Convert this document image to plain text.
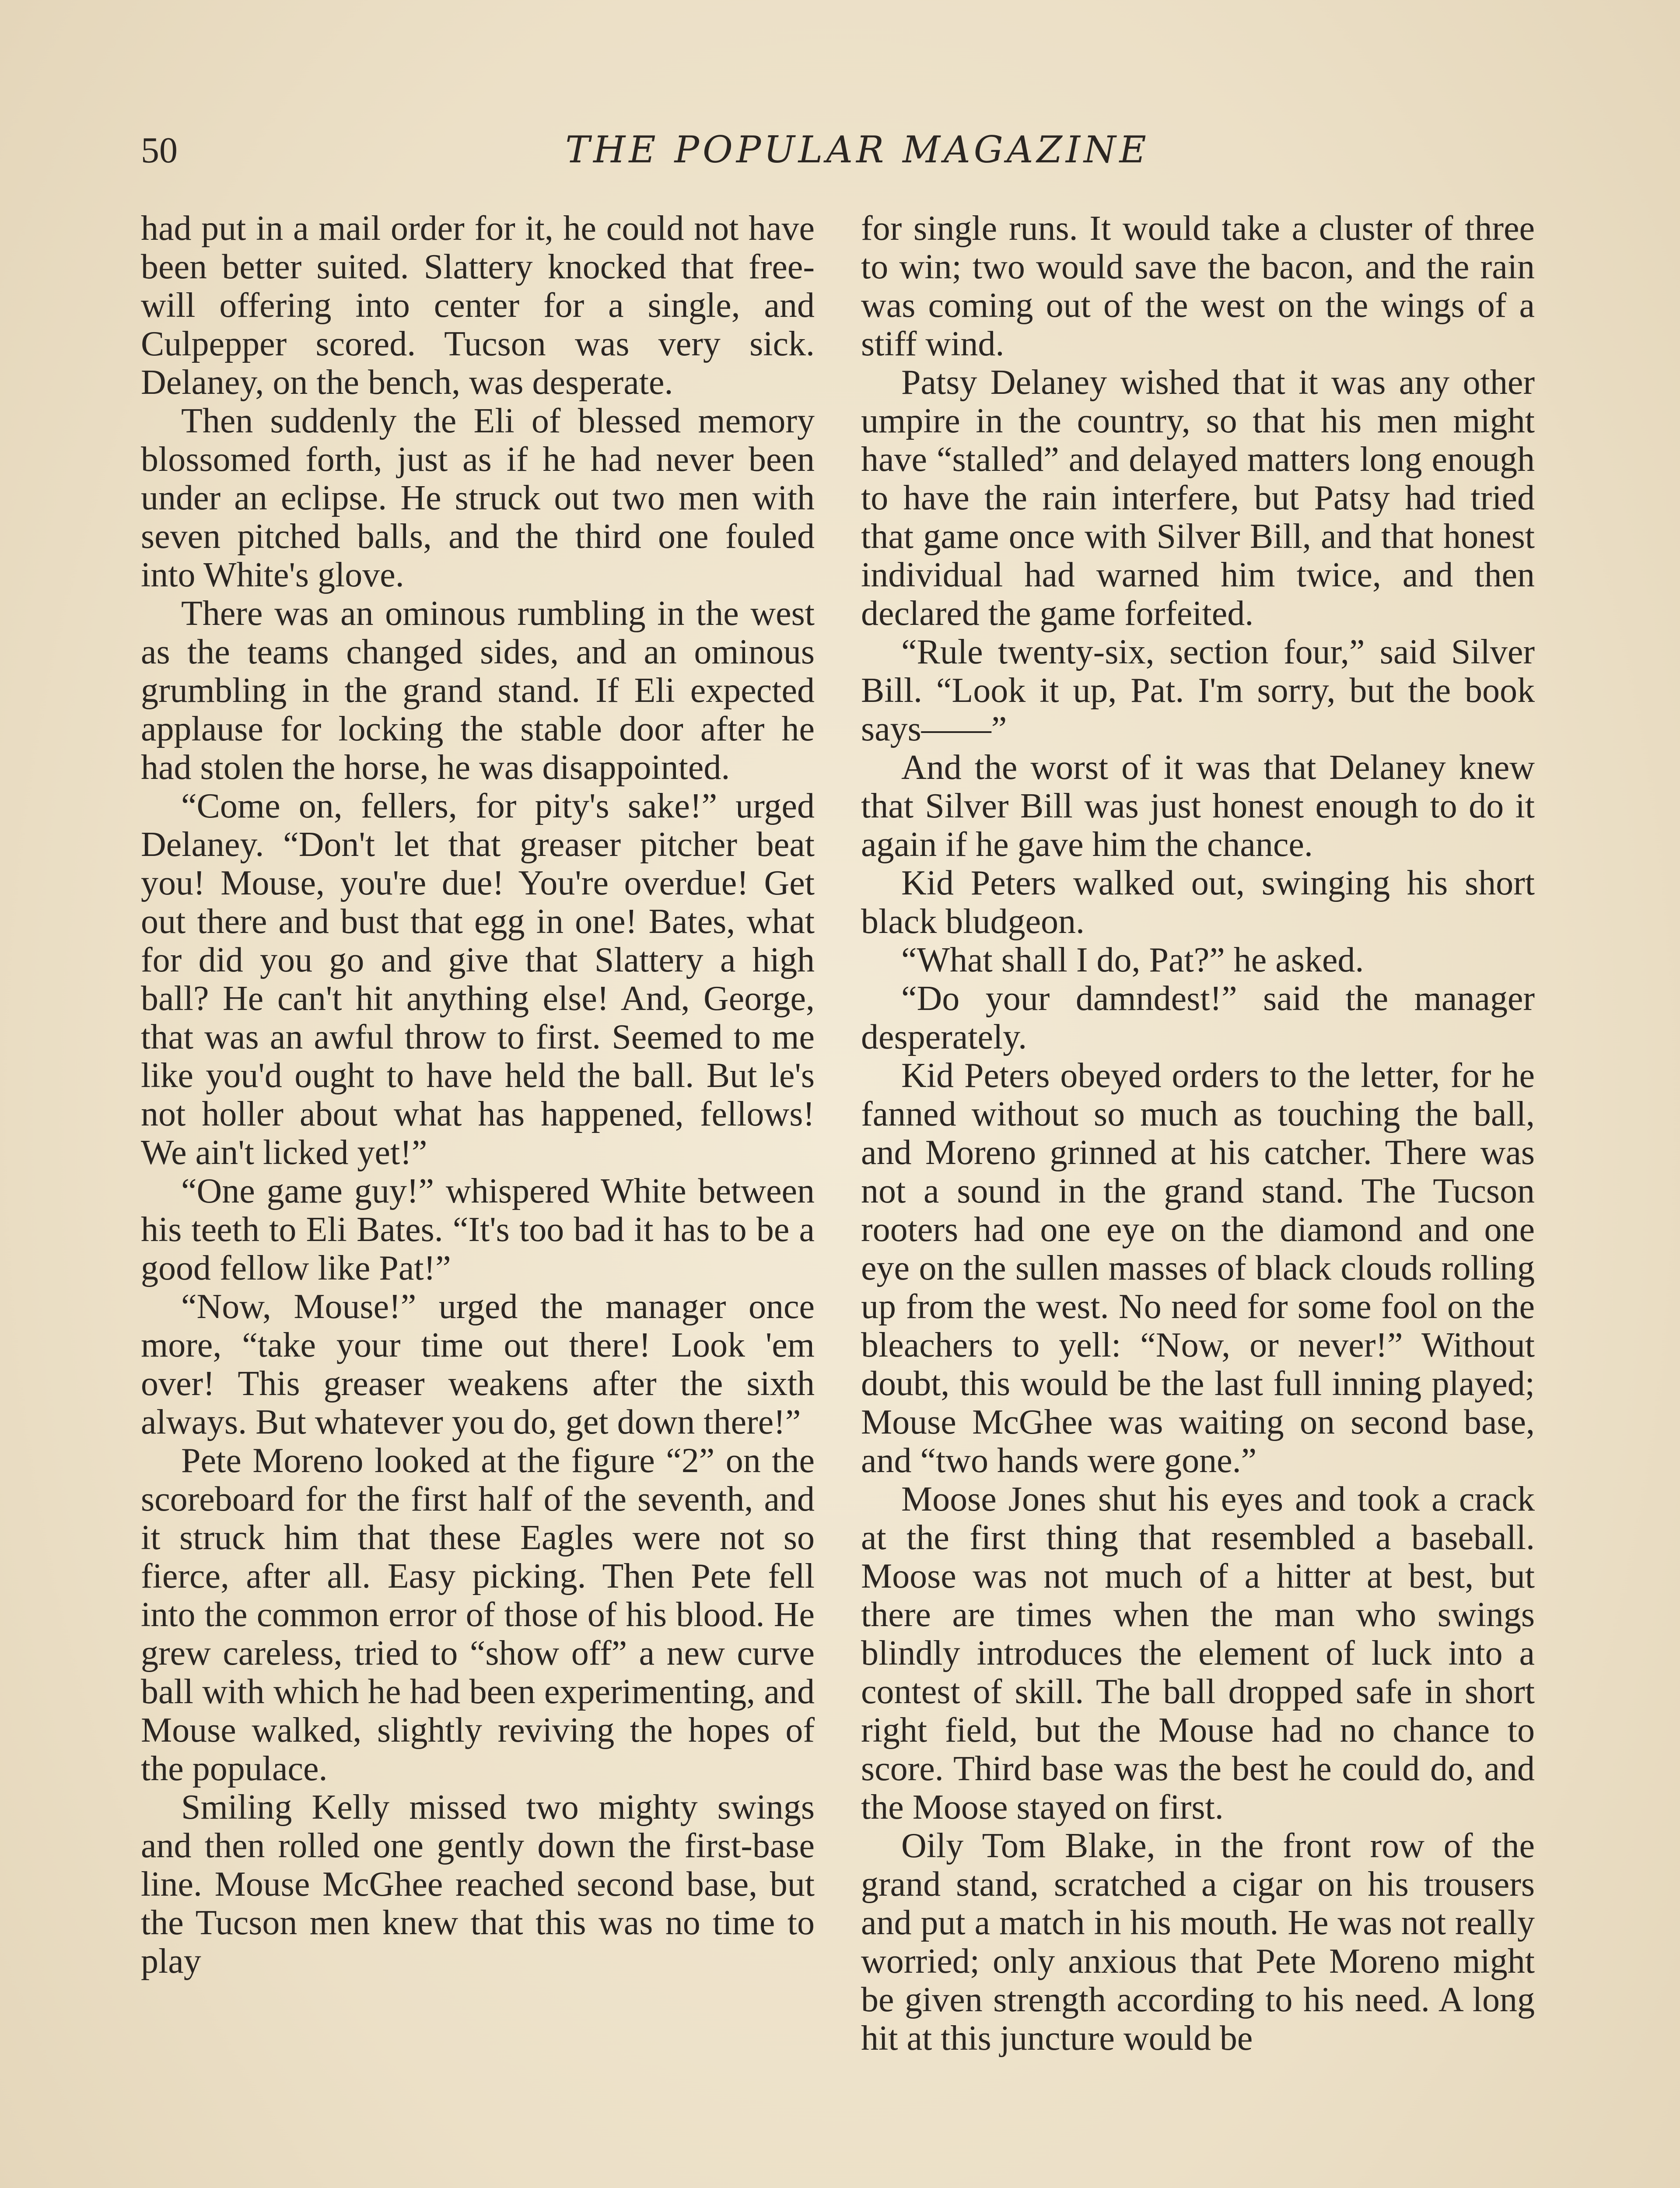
50	THE POPULAR MAGAZINE

had put in a mail order for it, he could not have been better suited. Slattery knocked that free-will offering into center for a single, and Culpepper scored. Tucson was very sick. Delaney, on the bench, was desperate.

Then suddenly the Eli of blessed memory blossomed forth, just as if he had never been under an eclipse. He struck out two men with seven pitched balls, and the third one fouled into White's glove.

There was an ominous rumbling in the west as the teams changed sides, and an ominous grumbling in the grand stand. If Eli expected applause for locking the stable door after he had stolen the horse, he was disappointed.

“Come on, fellers, for pity's sake!” urged Delaney. “Don't let that greaser pitcher beat you! Mouse, you're due! You're overdue! Get out there and bust that egg in one! Bates, what for did you go and give that Slattery a high ball? He can't hit anything else! And, George, that was an awful throw to first. Seemed to me like you'd ought to have held the ball. But le's not holler about what has happened, fellows! We ain't licked yet!”

“One game guy!” whispered White between his teeth to Eli Bates. “It's too bad it has to be a good fellow like Pat!”

“Now, Mouse!” urged the manager once more, “take your time out there! Look 'em over! This greaser weakens after the sixth always. But whatever you do, get down there!”

Pete Moreno looked at the figure “2” on the scoreboard for the first half of the seventh, and it struck him that these Eagles were not so fierce, after all. Easy picking. Then Pete fell into the common error of those of his blood. He grew careless, tried to “show off” a new curve ball with which he had been experimenting, and Mouse walked, slightly reviving the hopes of the populace.

Smiling Kelly missed two mighty swings and then rolled one gently down the first-base line. Mouse McGhee reached second base, but the Tucson men knew that this was no time to play

for single runs. It would take a cluster of three to win; two would save the bacon, and the rain was coming out of the west on the wings of a stiff wind.

Patsy Delaney wished that it was any other umpire in the country, so that his men might have “stalled” and delayed matters long enough to have the rain interfere, but Patsy had tried that game once with Silver Bill, and that honest individual had warned him twice, and then declared the game forfeited.

“Rule twenty-six, section four,” said Silver Bill. “Look it up, Pat. I'm sorry, but the book says——”

And the worst of it was that Delaney knew that Silver Bill was just honest enough to do it again if he gave him the chance.

Kid Peters walked out, swinging his short black bludgeon.

“What shall I do, Pat?” he asked.

“Do your damndest!” said the manager desperately.

Kid Peters obeyed orders to the letter, for he fanned without so much as touching the ball, and Moreno grinned at his catcher. There was not a sound in the grand stand. The Tucson rooters had one eye on the diamond and one eye on the sullen masses of black clouds rolling up from the west. No need for some fool on the bleachers to yell: “Now, or never!” Without doubt, this would be the last full inning played; Mouse McGhee was waiting on second base, and “two hands were gone.”

Moose Jones shut his eyes and took a crack at the first thing that resembled a baseball. Moose was not much of a hitter at best, but there are times when the man who swings blindly introduces the element of luck into a contest of skill. The ball dropped safe in short right field, but the Mouse had no chance to score. Third base was the best he could do, and the Moose stayed on first.

Oily Tom Blake, in the front row of the grand stand, scratched a cigar on his trousers and put a match in his mouth. He was not really worried; only anxious that Pete Moreno might be given strength according to his need. A long hit at this juncture would be
